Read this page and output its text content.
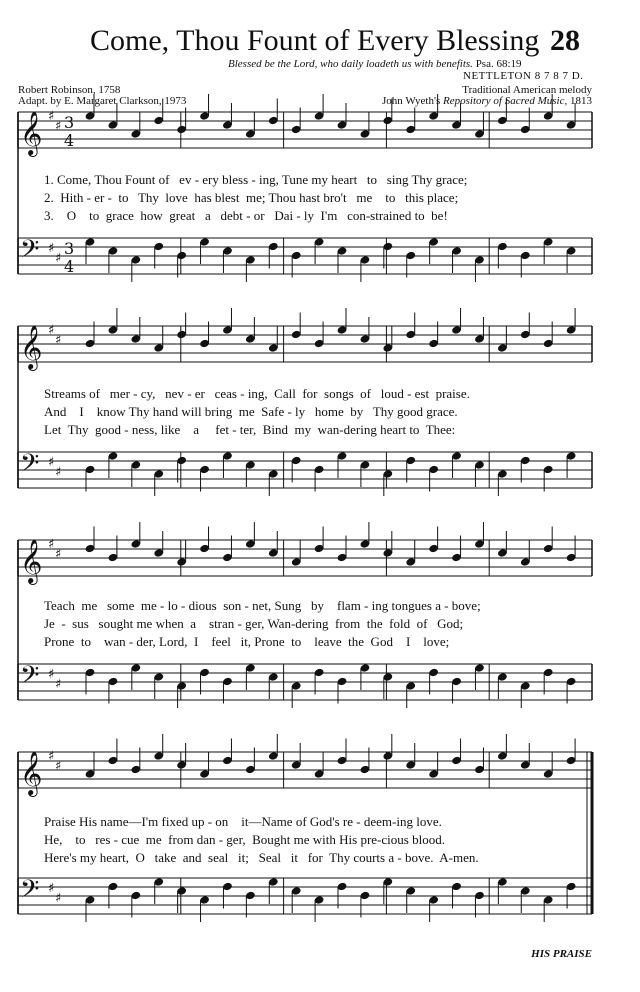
Come, Thou Fount of Every Blessing 28
Blessed be the Lord, who daily loadeth us with benefits. Psa. 68:19
NETTLETON 8 7 8 7 D.
Robert Robinson, 1758
Adapt. by E. Margaret Clarkson, 1973
Traditional American melody
John Wyeth's Repository of Sacred Music, 1813
𝄞 ♯
♯ 3
4
𝄢 ♯
♯
3
4
𝄞 ♯
♯
𝄢 ♯
♯
𝄞 ♯
♯
𝄢 ♯
♯
𝄞 ♯
♯
𝄢 ♯
♯
1. Come, Thou Fount of   ev - ery bless - ing, Tune my heart   to   sing Thy grace;
2.  Hith - er -  to   Thy  love  has blest  me; Thou hast bro't   me    to   this place;
3.    O    to  grace  how  great   a   debt - or   Dai - ly  I'm   con-strained to  be!
Streams of   mer - cy,   nev - er   ceas - ing,  Call  for  songs  of   loud - est  praise.
And    I    know Thy hand will bring  me  Safe - ly   home  by   Thy good grace.
Let  Thy  good - ness, like    a     fet - ter,  Bind  my  wan-dering heart to  Thee:
Teach  me   some  me - lo - dious  son - net, Sung   by    flam - ing tongues a - bove;
Je  -  sus   sought me when  a    stran - ger, Wan-dering  from  the  fold  of   God;
Prone  to    wan - der, Lord,  I    feel   it, Prone  to    leave  the  God    I    love;
Praise His name—I'm fixed up - on    it—Name of God's re - deem-ing love.
He,    to   res - cue  me  from dan - ger,  Bought me with His pre-cious blood.
Here's my heart,  O   take  and  seal   it;   Seal   it   for  Thy courts a - bove.  A-men.
HIS PRAISE
